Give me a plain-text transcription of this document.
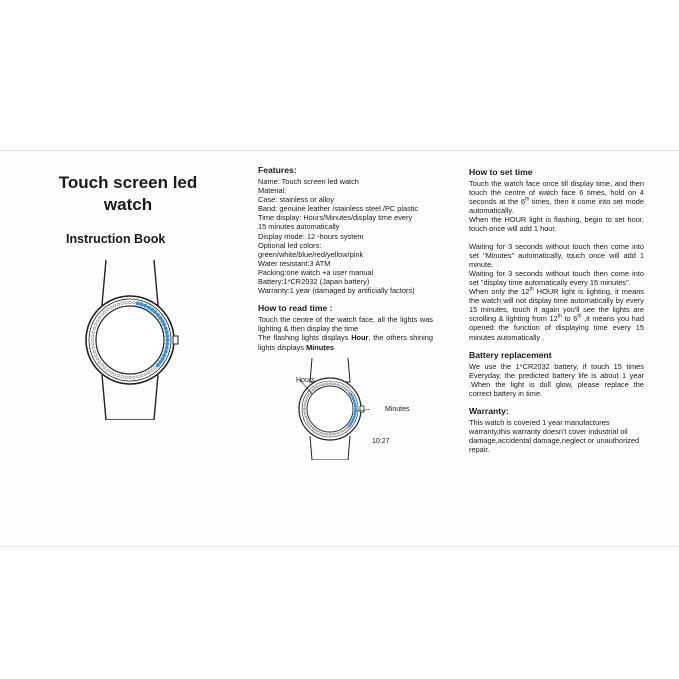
Touch screen led
watch
Instruction Book
Features:
Name: Touch screen led watch
Material:
Case: stainless or alloy
Band: genuine leather /stainless steel /PC plastic
Time display: Hours/Minutes/display time every
15 minutes automatically
Display mode: 12 -hours system
Optional led colors:
green/white/blue/red/yellow/pink
Water resistant:3 ATM
Packing:one watch +a user manual
Battery:1*CR2032 (Japan battery)
Warranty:1 year (damaged by artificially factors)
How to read time :

Touch the centre of the watch face, all the lights was lighting & then display the time

The flashing lights displays Hour, the others shining lights displays Minutes

Hours
Minutes
10:27
How to set time

Touch the watch face once till display time, and then touch the centre of watch face 6 times, hold on 4 seconds at the 6th times, then it come into set mode automatically.

When the HOUR light is flashing, begin to set hour, touch once will add 1 hour.

Waiting for 3 seconds without touch then come into set "Minutes" automatically, touch once will add 1 minute.

Waiting for 3 seconds without touch then come into set "display time automatically every 15 minutes".

When only the 12th HOUR light is lighting, it means the watch will not display time automatically by every 15 minutes, touch it again you'll see the lights are scrolling & lighting from 12th to 6th ,it means you had opened the function of displaying time every 15 minutes automatically .

Battery replacement

We use the 1*CR2032 battery, if touch 15 times Everyday, the predicted battery life is about 1 year .When the light is dull glow, please replace the correct battery in time.

Warranty:

This watch is covered 1 year manufactures warranty,this warranty doesn't cover industrial oil damage,accidental damage,neglect or unauthorized repair.
